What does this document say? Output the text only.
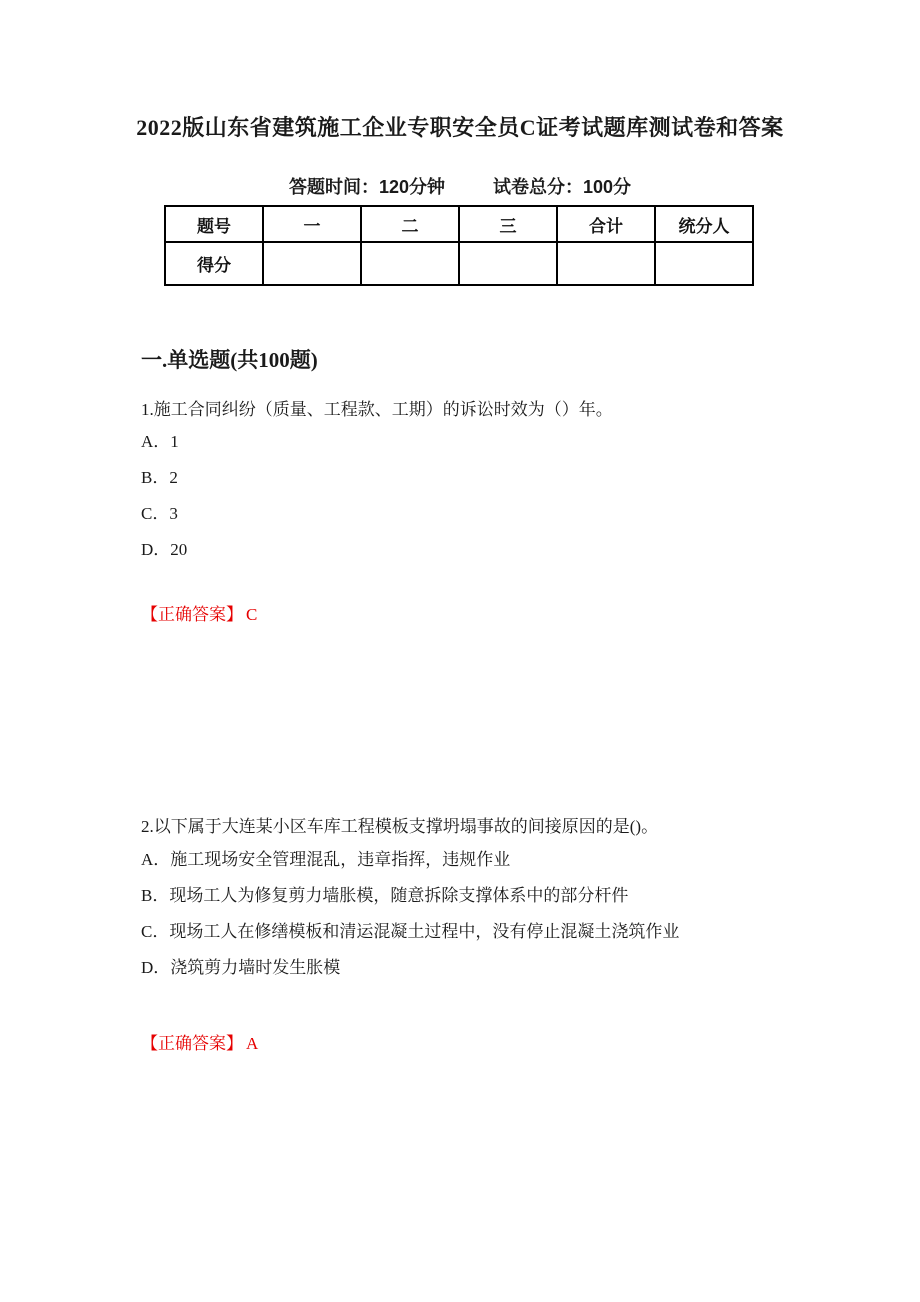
2022版山东省建筑施工企业专职安全员C证考试题库测试卷和答案
答题时间：120分钟	试卷总分：100分
题号	一	二	三	合计	统分人
得分					
一.单选题(共100题)
1.施工合同纠纷（质量、工程款、工期）的诉讼时效为（）年。
A．1
B．2
C．3
D．20
【正确答案】 C
2.以下属于大连某小区车库工程模板支撑坍塌事故的间接原因的是()。
A．施工现场安全管理混乱，违章指挥，违规作业
B．现场工人为修复剪力墙胀模，随意拆除支撑体系中的部分杆件
C．现场工人在修缮模板和清运混凝土过程中，没有停止混凝土浇筑作业
D．浇筑剪力墙时发生胀模
【正确答案】 A
